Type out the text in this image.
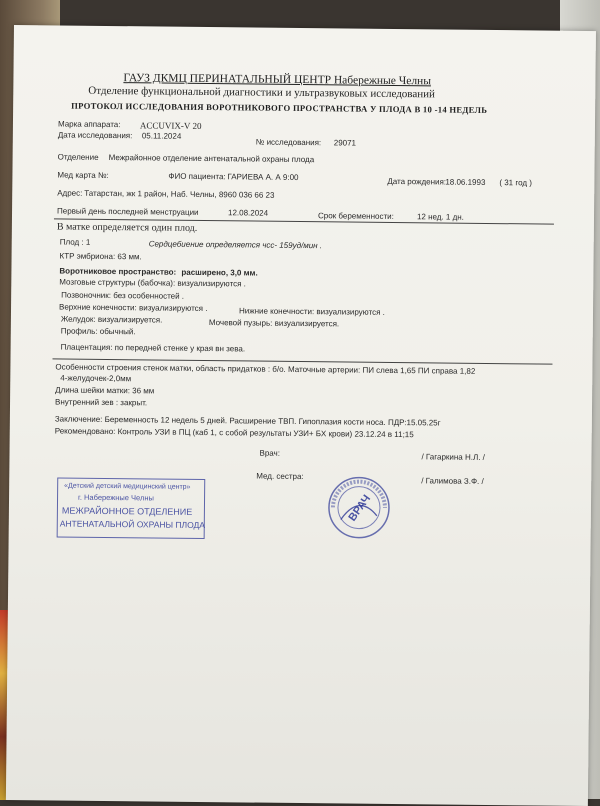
ГАУЗ ДКМЦ ПЕРИНАТАЛЬНЫЙ ЦЕНТР Набережные Челны
Отделение функциональной диагностики и ультразвуковых исследований
ПРОТОКОЛ ИССЛЕДОВАНИЯ ВОРОТНИКОВОГО ПРОСТРАНСТВА У ПЛОДА В 10 -14 НЕДЕЛЬ
Марка аппарата: ACCUVIX-V 20
Дата исследования: 05.11.2024
№ исследования: 29071
Отделение Межрайонное отделение антенатальной охраны плода
Мед карта №:	ФИО пациента: ГАРИЕВА А. А 9:00	Дата рождения: 18.06.1993 ( 31 год )
Адрес: Татарстан, жк 1 район, Наб. Челны, 8960 036 66 23
Первый день последней менструации	12.08.2024	Срок беременности:	12 нед. 1 дн.
В матке определяется один плод.
Плод : 1	Сердцебиение определяется чсс- 159уд/мин .
КТР эмбриона: 63 мм.
Воротниковое пространство: расширено, 3,0 мм.
Мозговые структуры (бабочка): визуализируются .
Позвоночник: без особенностей .
Верхние конечности: визуализируются .	Нижние конечности: визуализируются .
Желудок: визуализируется.	Мочевой пузырь: визуализируется.
Профиль: обычный.
Плацентация: по передней стенке у края вн зева.
Особенности строения стенок матки, область придатков : б/о. Маточные артерии: ПИ слева 1,65 ПИ справа 1,82
4-желудочек-2,0мм
Длина шейки матки: 36 мм
Внутренний зев : закрыт.
Заключение: Беременность 12 недель 5 дней. Расширение ТВП. Гипоплазия кости носа. ПДР:15.05.25г
Рекомендовано: Контроль УЗИ в ПЦ (каб 1, с собой результаты УЗИ+ БХ крови) 23.12.24 в 11;15
Врач:	/ Гагаркина Н.Л. /
Мед. сестра:	/ Галимова З.Ф. /
«Детский детский медицинский центр»
г. Набережные Челны
МЕЖРАЙОННОЕ ОТДЕЛЕНИЕ
АНТЕНАТАЛЬНОЙ ОХРАНЫ ПЛОДА
ВРАЧ
